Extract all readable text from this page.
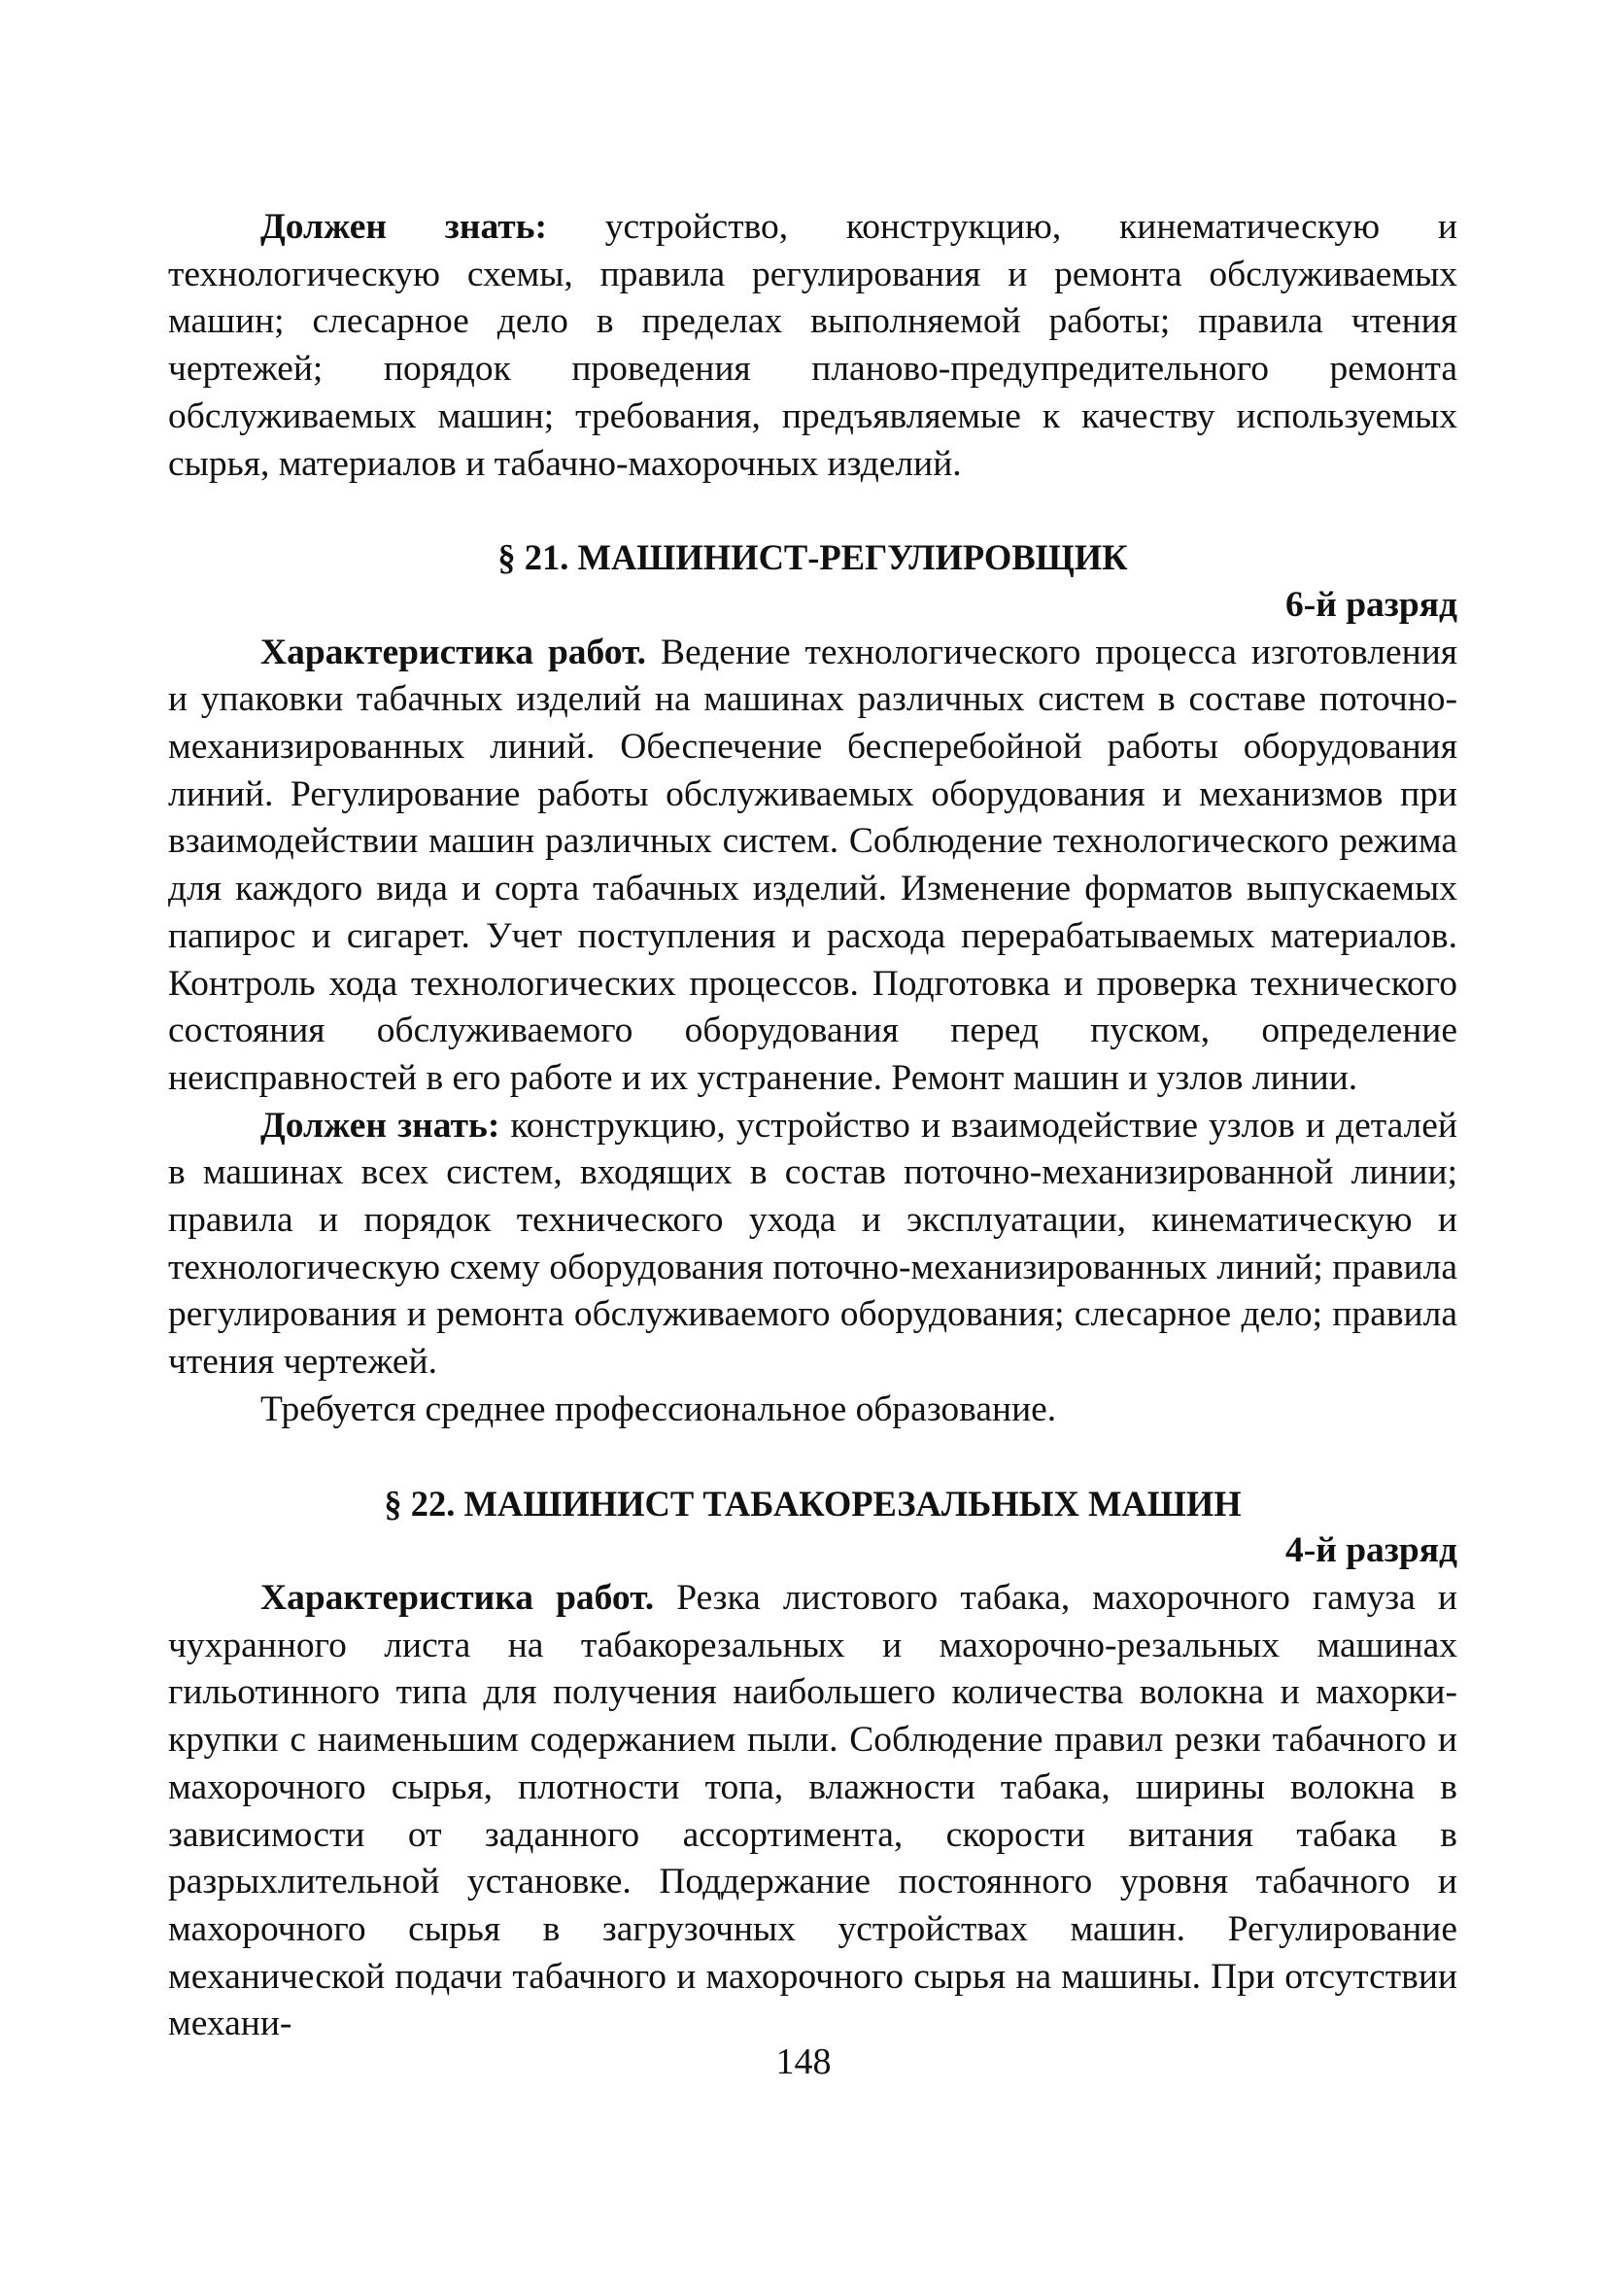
Должен знать: устройство, конструкцию, кинематическую и технологическую схемы, правила регулирования и ремонта обслуживаемых машин; слесарное дело в пределах выполняемой работы; правила чтения чертежей; порядок проведения планово-предупредительного ремонта обслуживаемых машин; требования, предъявляемые к качеству используемых сырья, материалов и табачно-махорочных изделий.

§ 21. МАШИНИСТ-РЕГУЛИРОВЩИК
6-й разряд

Характеристика работ. Ведение технологического процесса изготовления и упаковки табачных изделий на машинах различных систем в составе поточно-механизированных линий. Обеспечение бесперебойной работы оборудования линий. Регулирование работы обслуживаемых оборудования и механизмов при взаимодействии машин различных систем. Соблюдение технологического режима для каждого вида и сорта табачных изделий. Изменение форматов выпускаемых папирос и сигарет. Учет поступления и расхода перерабатываемых материалов. Контроль хода технологических процессов. Подготовка и проверка технического состояния обслуживаемого оборудования перед пуском, определение неисправностей в его работе и их устранение. Ремонт машин и узлов линии.

Должен знать: конструкцию, устройство и взаимодействие узлов и деталей в машинах всех систем, входящих в состав поточно-механизированной линии; правила и порядок технического ухода и эксплуатации, кинематическую и технологическую схему оборудования поточно-механизированных линий; правила регулирования и ремонта обслуживаемого оборудования; слесарное дело; правила чтения чертежей.

Требуется среднее профессиональное образование.

§ 22. МАШИНИСТ ТАБАКОРЕЗАЛЬНЫХ МАШИН
4-й разряд

Характеристика работ. Резка листового табака, махорочного гамуза и чухранного листа на табакорезальных и махорочно-резальных машинах гильотинного типа для получения наибольшего количества волокна и махорки-крупки с наименьшим содержанием пыли. Соблюдение правил резки табачного и махорочного сырья, плотности топа, влажности табака, ширины волокна в зависимости от заданного ассортимента, скорости витания табака в разрыхлительной установке. Поддержание постоянного уровня табачного и махорочного сырья в загрузочных устройствах машин. Регулирование механической подачи табачного и махорочного сырья на машины. При отсутствии механи-

148
